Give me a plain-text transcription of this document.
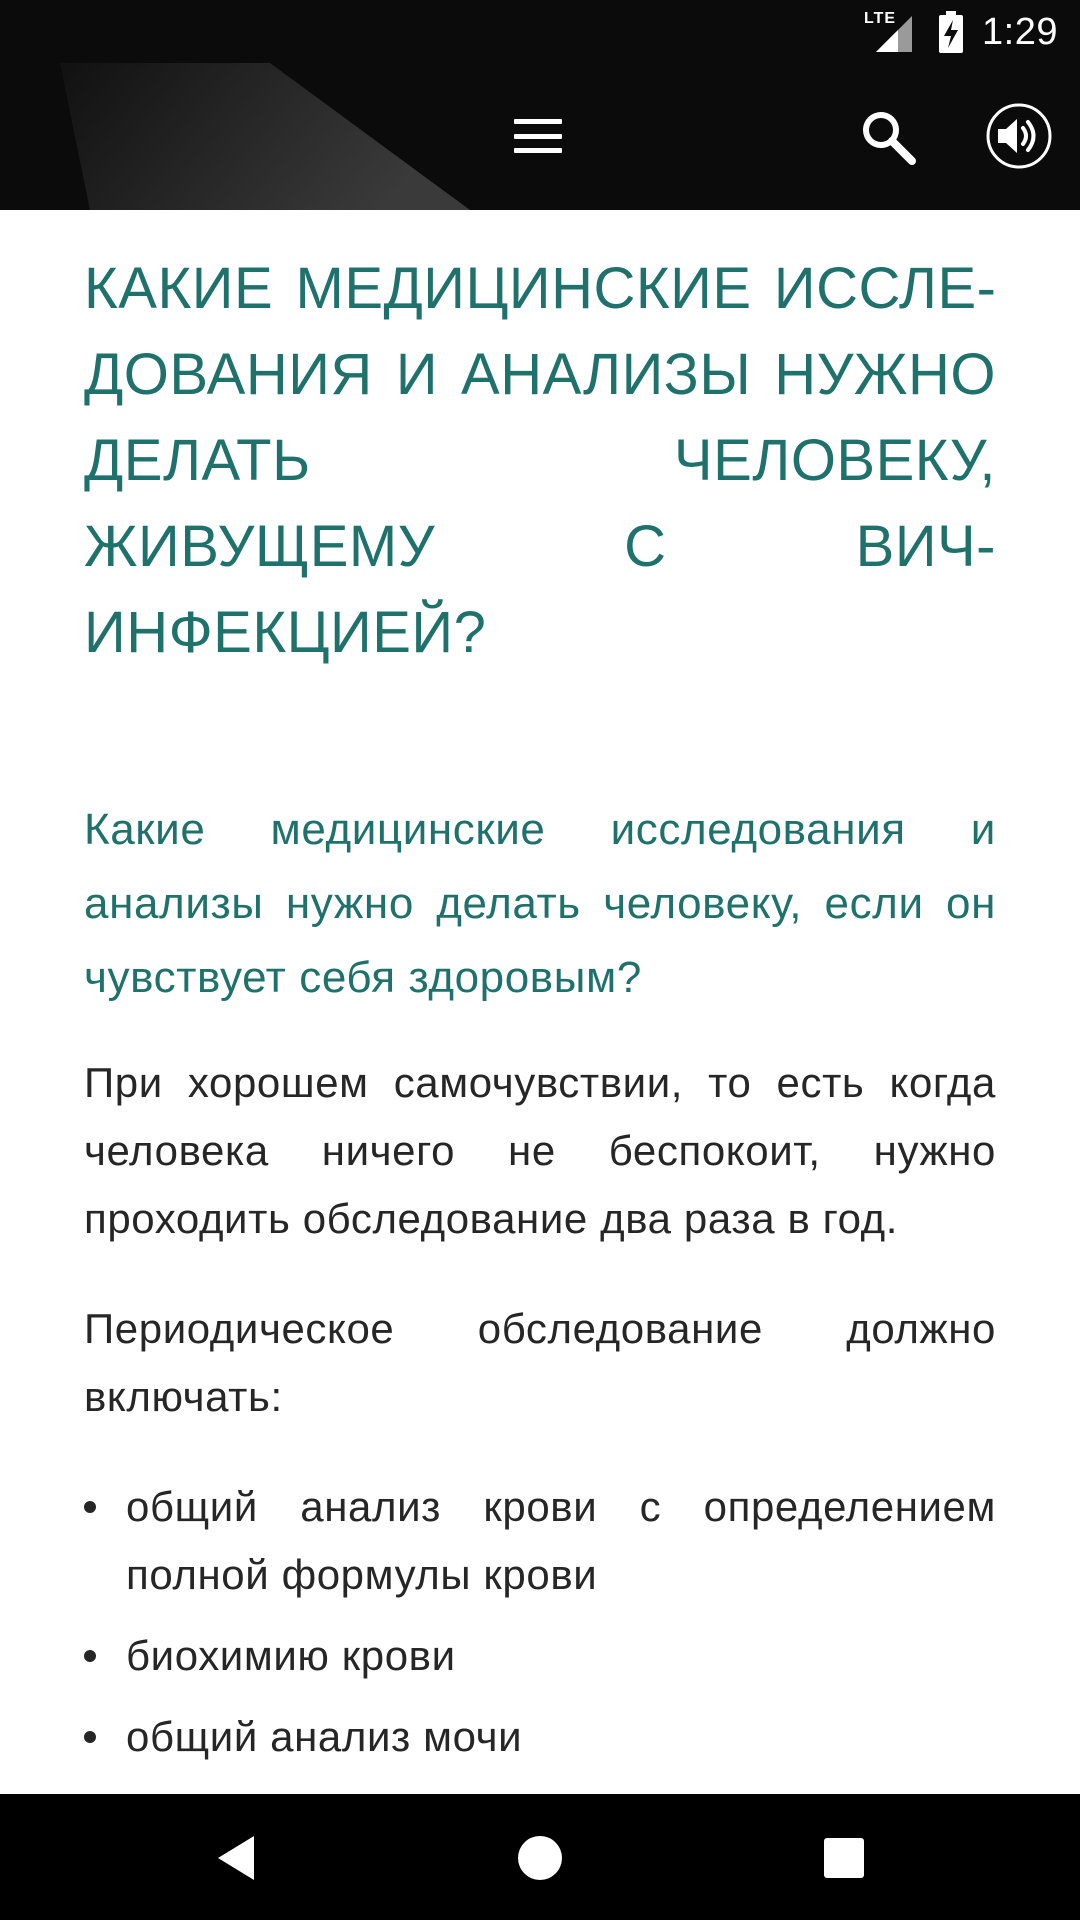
LTE 1:29
КАКИЕ МЕДИЦИНСКИЕ ИССЛЕДОВАНИЯ И АНАЛИЗЫ НУЖНО ДЕЛАТЬ ЧЕЛОВЕКУ, ЖИВУЩЕМУ С ВИЧ-ИНФЕКЦИЕЙ?
Какие медицинские исследования и анализы нужно делать человеку, если он чувствует себя здоровым?

При хорошем самочувствии, то есть когда человека ничего не беспокоит, нужно проходить обследование два раза в год.

Периодическое обследование должно включать:

общий анализ крови с определением полной формулы крови
биохимию крови
общий анализ мочи
